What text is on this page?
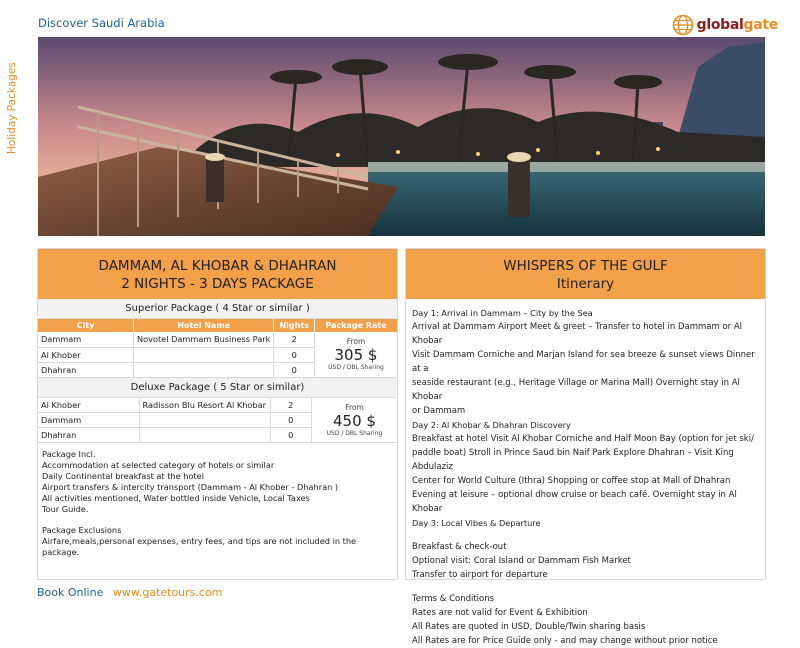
Discover Saudi Arabia
Holiday Packages
globalgate
DAMMAM, AL KHOBAR & DHAHRAN
2 NIGHTS - 3 DAYS PACKAGE
Superior Package ( 4 Star or similar )
City	Hotel Name	Nights	Package Rate
Dammam	Novotel Dammam Business Park	2	From
305 $
USD / DBL Sharing

Al Khober		0	
Dhahran		0	
Deluxe Package ( 5 Star or similar)
Al Khober	Radisson Blu Resort Al Khobar	2	From
450 $
USD / DBL Sharing

Dammam		0	
Dhahran		0	
Package Incl.
Accommodation at selected category of hotels or similar
Daily Continental breakfast at the hotel
Airport transfers & intercity transport (Dammam - Al Khober - Dhahran )
All activities mentioned, Water bottled inside Vehicle, Local Taxes
Tour Guide.
Package Exclusions
Airfare,meals,personal expenses, entry fees, and tips are not included in the package.
WHISPERS OF THE GULF
Itinerary
Day 1: Arrival in Dammam – City by the Sea
Arrival at Dammam Airport Meet & greet – Transfer to hotel in Dammam or Al Khobar
Visit Dammam Corniche and Marjan Island for sea breeze & sunset views Dinner at a
seaside restaurant (e.g., Heritage Village or Marina Mall) Overnight stay in Al Khobar
or Dammam
Day 2: Al Khobar & Dhahran Discovery
Breakfast at hotel Visit Al Khobar Corniche and Half Moon Bay (option for jet ski/
paddle boat) Stroll in Prince Saud bin Naif Park Explore Dhahran – Visit King Abdulaziz
Center for World Culture (Ithra) Shopping or coffee stop at Mall of Dhahran
Evening at leisure – optional dhow cruise or beach café. Overnight stay in Al Khobar
Day 3: Local Vibes & Departure
Breakfast & check-out
Optional visit: Coral Island or Dammam Fish Market
Transfer to airport for departure
Terms & Conditions
Rates are not valid for Event & Exhibition
All Rates are quoted in USD, Double/Twin sharing basis
All Rates are for Price Guide only - and may change without prior notice
Book Online www.gatetours.com
